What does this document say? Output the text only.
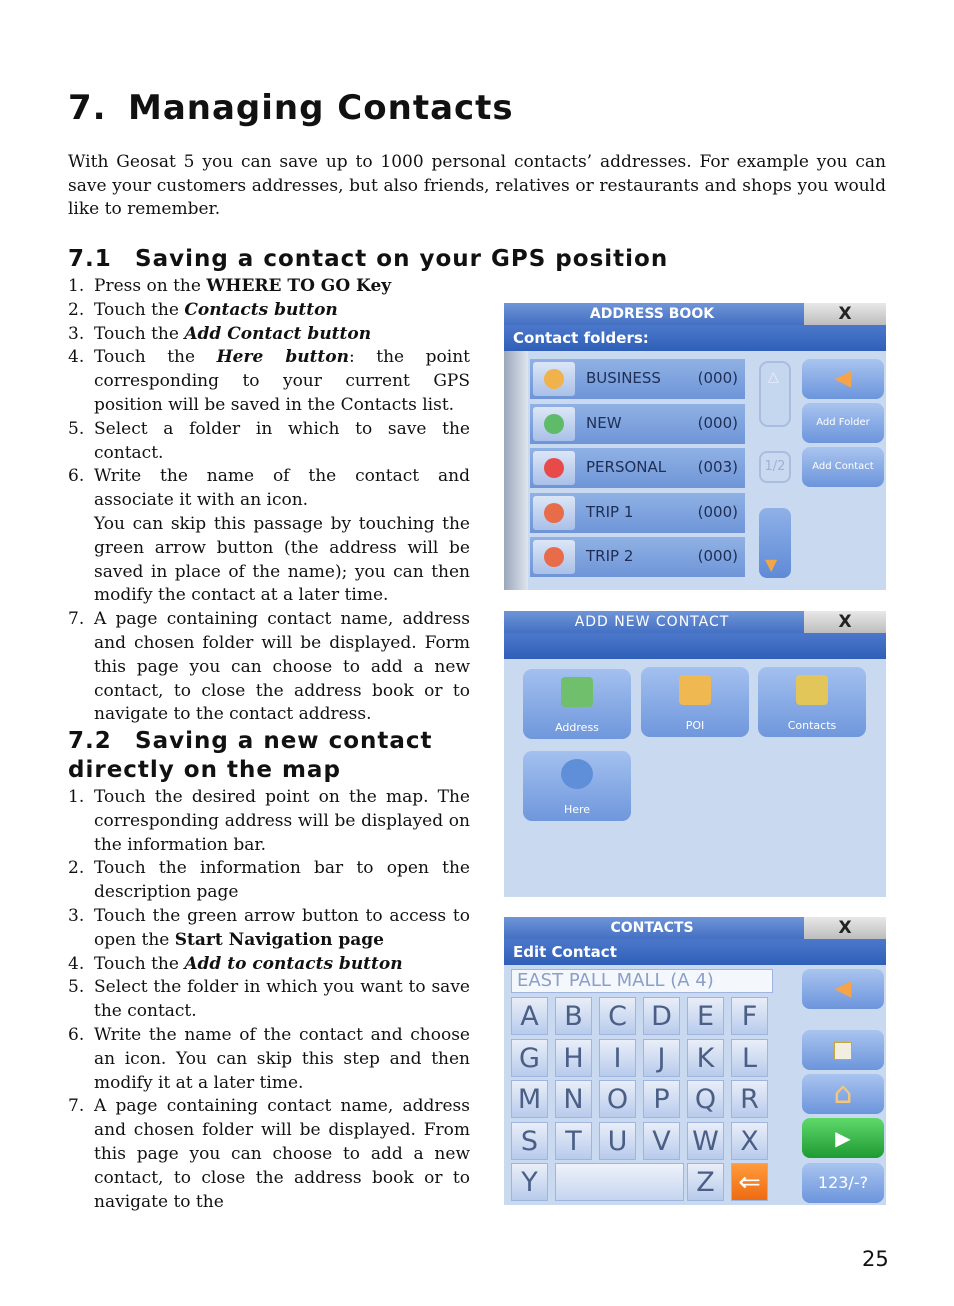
7. Managing Contacts
With Geosat 5 you can save up to 1000 personal contacts’ addresses. For example you can save your customers addresses, but also friends, relatives or restaurants and shops you would like to remember.
7.1 Saving a contact on your GPS position
1. Press on the WHERE TO GO Key
2. Touch the Contacts button
3. Touch the Add Contact button
4. Touch the Here button: the point corresponding to your current GPS position will be saved in the Contacts list.
5. Select a folder in which to save the contact.
6. Write the name of the contact and associate it with an icon.
You can skip this passage by touching the green arrow button (the address will be saved in place of the name); you can then modify the contact at a later time.
7. A page containing contact name, address and chosen folder will be displayed. Form this page you can choose to add a new contact, to close the address book or to navigate to the contact address.
7.2 Saving a new contact
directly on the map
1. Touch the desired point on the map. The corresponding address will be displayed on the information bar.
2. Touch the information bar to open the description page
3. Touch the green arrow button to access to open the Start Navigation page
4. Touch the Add to contacts button
5. Select the folder in which you want to save the contact.
6. Write the name of the contact and choose an icon. You can skip this step and then modify it at a later time.
7. A page containing contact name, address and chosen folder will be displayed. From this page you can choose to add a new contact, to close the address book or to navigate to the
ADDRESS BOOK	X
Contact folders:
BUSINESS (000)
NEW	(000)
PERSONAL (003)
TRIP 1	(000)
TRIP 2	(000)
△
1/2
▼
◀
Add Folder
Add Contact
ADD NEW CONTACT	X
Address	POI	Contacts
Here
CONTACTS	X
Edit Contact
EAST PALL MALL (A 4)
A B C D E	F
G H	I	J	K	L
M N O P Q R
S	T U V W X
Y	Z ⇐
◀
⌂
▶
123/-?
25
